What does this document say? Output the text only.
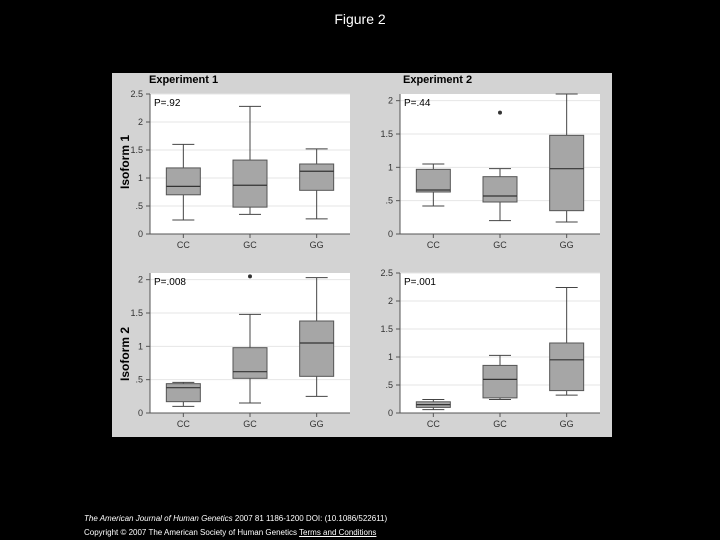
Figure 2
Experiment 1	Experiment 2
Isoform 1
Isoform 2
0
.5
1
1.5
2
2.5
P=.92
CC	GC	GG
0
.5
1
1.5
2 P=.44
CC	GC	GG
0
.5
1
1.5
2 P=.008
CC	GC	GG
0
.5
1
1.5
2
2.5
P=.001
CC	GC	GG
The American Journal of Human Genetics 2007 81 1186-1200 DOI: (10.1086/522611)
Copyright © 2007 The American Society of Human Genetics Terms and Conditions
